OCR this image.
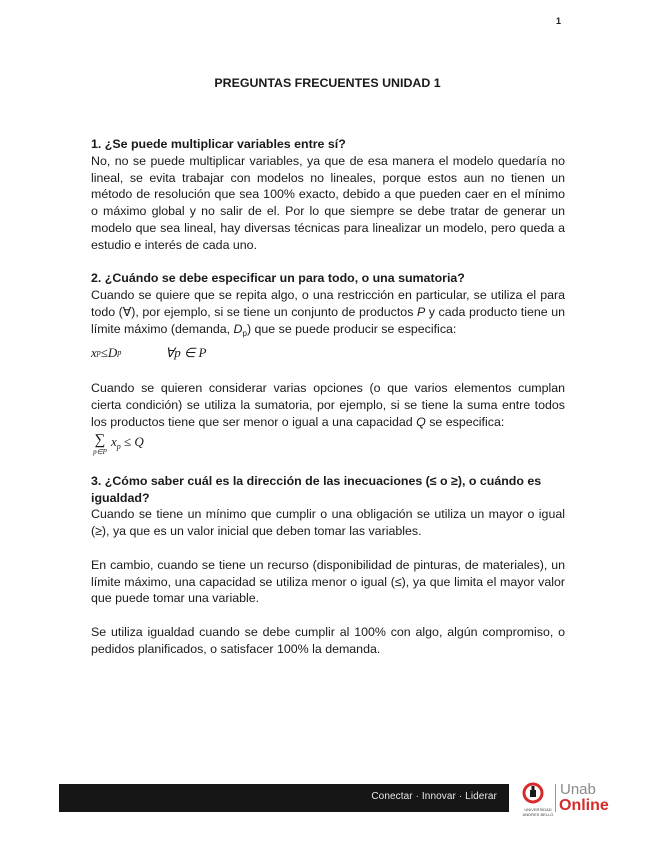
1
PREGUNTAS FRECUENTES UNIDAD 1

1. ¿Se puede multiplicar variables entre sí?

No, no se puede multiplicar variables, ya que de esa manera el modelo quedaría no lineal, se evita trabajar con modelos no lineales, porque estos aun no tienen un método de resolución que sea 100% exacto, debido a que pueden caer en el mínimo o máximo global y no salir de el. Por lo que siempre se debe tratar de generar un modelo que sea lineal, hay diversas técnicas para linealizar un modelo, pero queda a estudio e interés de cada uno.

2. ¿Cuándo se debe especificar un para todo, o una sumatoria?

Cuando se quiere que se repita algo, o una restricción en particular, se utiliza el para todo (∀), por ejemplo, si se tiene un conjunto de productos P y cada producto tiene un límite máximo (demanda, $D_p$) que se puede producir se especifica:

x p ≤ D p	∀p ∈ P

Cuando se quieren considerar varias opciones (o que varios elementos cumplan cierta condición) se utiliza la sumatoria, por ejemplo, si se tiene la suma entre todos los productos tiene que ser menor o igual a una capacidad Q se especifica:

∑
p∈P
$x_p \le Q$

3. ¿Cómo saber cuál es la dirección de las inecuaciones (≤ o ≥), o cuándo es igualdad?

Cuando se tiene un mínimo que cumplir o una obligación se utiliza un mayor o igual (≥), ya que es un valor inicial que deben tomar las variables.

En cambio, cuando se tiene un recurso (disponibilidad de pinturas, de materiales), un límite máximo, una capacidad se utiliza menor o igual (≤), ya que limita el mayor valor que puede tomar una variable.

Se utiliza igualdad cuando se debe cumplir al 100% con algo, algún compromiso, o pedidos planificados, o satisfacer 100% la demanda.

Conectar · Innovar · Liderar
UNIVERSIDAD ANDRES BELLO
Unab
Online
